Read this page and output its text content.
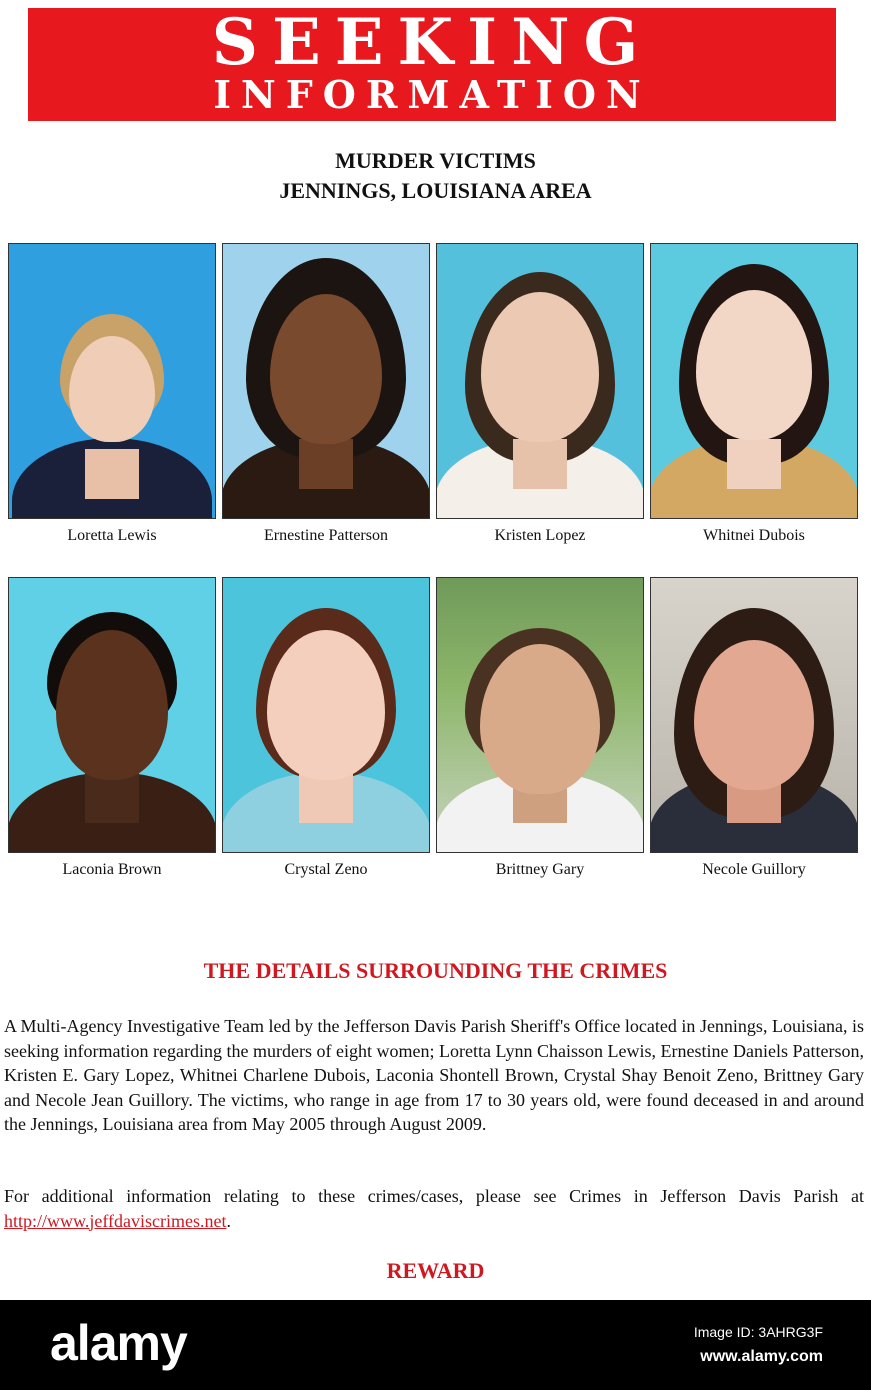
SEEKING
INFORMATION
MURDER VICTIMS
JENNINGS, LOUISIANA AREA
Loretta Lewis	Ernestine Patterson	Kristen Lopez	Whitnei Dubois
Laconia Brown	Crystal Zeno	Brittney Gary	Necole Guillory
THE DETAILS SURROUNDING THE CRIMES

A Multi-Agency Investigative Team led by the Jefferson Davis Parish Sheriff's Office located in Jennings, Louisiana, is seeking information regarding the murders of eight women; Loretta Lynn Chaisson Lewis, Ernestine Daniels Patterson, Kristen E. Gary Lopez, Whitnei Charlene Dubois, Laconia Shontell Brown, Crystal Shay Benoit Zeno, Brittney Gary and Necole Jean Guillory. The victims, who range in age from 17 to 30 years old, were found deceased in and around the Jennings, Louisiana area from May 2005 through August 2009.

For additional information relating to these crimes/cases, please see Crimes in Jefferson Davis Parish at http://www.jeffdaviscrimes.net.

REWARD
alamy	Image ID: 3AHRG3F
www.alamy.com
